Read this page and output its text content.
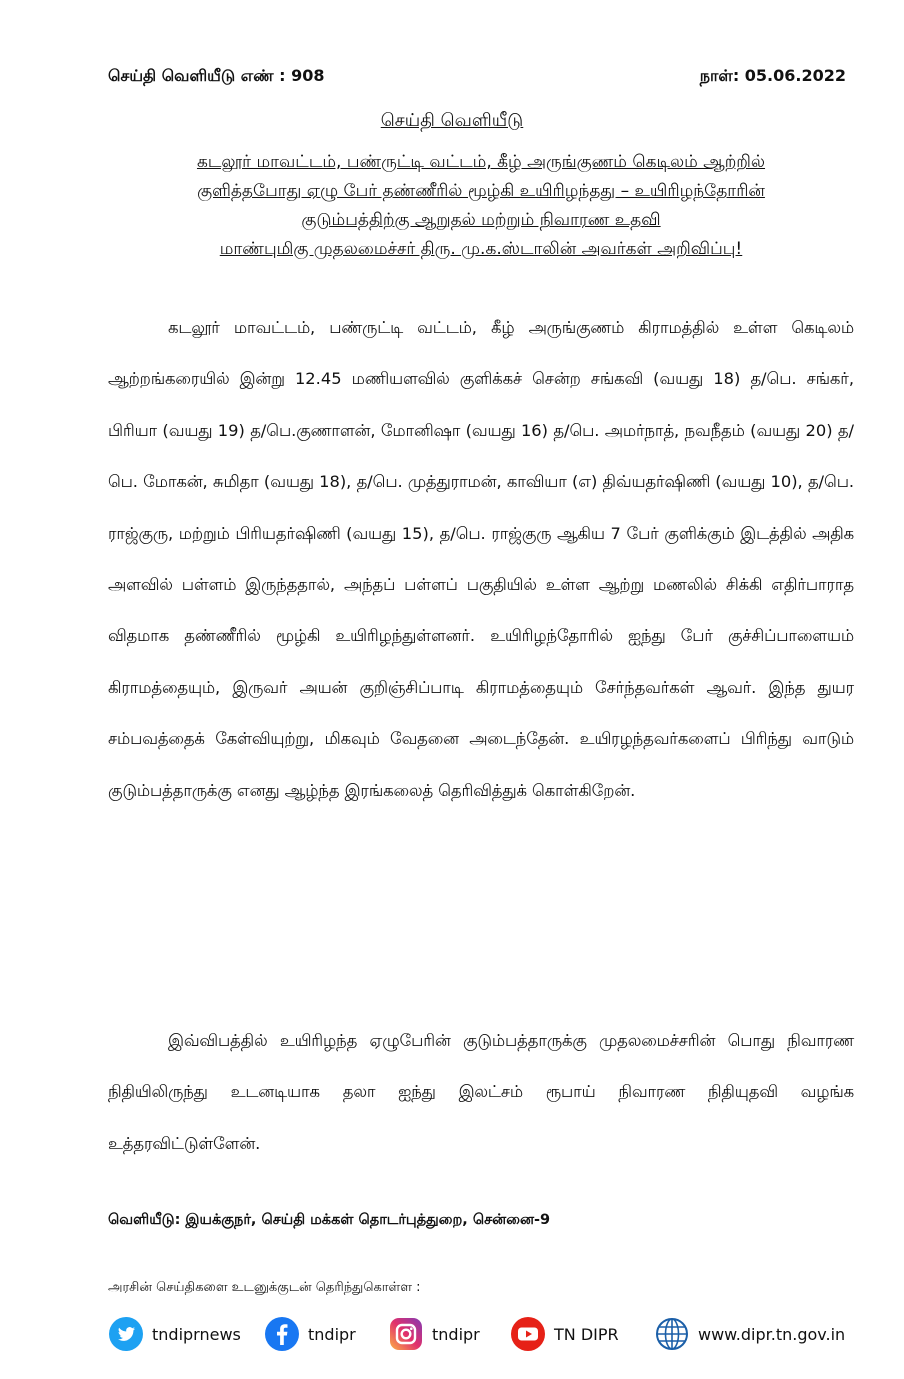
செய்தி வெளியீடு எண் : 908	நாள்: 05.06.2022
செய்தி வெளியீடு
கடலூர் மாவட்டம், பண்ருட்டி வட்டம், கீழ் அருங்குணம் கெடிலம் ஆற்றில்
குளித்தபோது ஏழு பேர் தண்ணீரில் மூழ்கி உயிரிழந்தது – உயிரிழந்தோரின்
குடும்பத்திற்கு ஆறுதல் மற்றும் நிவாரண உதவி
மாண்புமிகு முதலமைச்சர் திரு. மு.க.ஸ்டாலின் அவர்கள் அறிவிப்பு!
கடலூர் மாவட்டம், பண்ருட்டி வட்டம், கீழ் அருங்குணம் கிராமத்தில் உள்ள கெடிலம் ஆற்றங்கரையில் இன்று 12.45 மணியளவில் குளிக்கச் சென்ற சங்கவி (வயது 18) த/பெ. சங்கர், பிரியா (வயது 19) த/பெ.குணாளன், மோனிஷா (வயது 16) த/பெ. அமர்நாத், நவநீதம் (வயது 20) த/பெ. மோகன், சுமிதா (வயது 18), த/பெ. முத்துராமன், காவியா (எ) திவ்யதர்ஷிணி (வயது 10), த/பெ. ராஜ்குரு, மற்றும் பிரியதர்ஷிணி (வயது 15), த/பெ. ராஜ்குரு ஆகிய 7 பேர் குளிக்கும் இடத்தில் அதிக அளவில் பள்ளம் இருந்ததால், அந்தப் பள்ளப் பகுதியில் உள்ள ஆற்று மணலில் சிக்கி எதிர்பாராத விதமாக தண்ணீரில் மூழ்கி உயிரிழந்துள்ளனர். உயிரிழந்தோரில் ஐந்து பேர் குச்சிப்பாளையம் கிராமத்தையும், இருவர் அயன் குறிஞ்சிப்பாடி கிராமத்தையும் சேர்ந்தவர்கள் ஆவர். இந்த துயர சம்பவத்தைக் கேள்வியுற்று, மிகவும் வேதனை அடைந்தேன். உயிரழந்தவர்களைப் பிரிந்து வாடும் குடும்பத்தாருக்கு எனது ஆழ்ந்த இரங்கலைத் தெரிவித்துக் கொள்கிறேன்.
இவ்விபத்தில் உயிரிழந்த ஏழுபேரின் குடும்பத்தாருக்கு முதலமைச்சரின் பொது நிவாரண நிதியிலிருந்து உடனடியாக தலா ஐந்து இலட்சம் ரூபாய் நிவாரண நிதியுதவி வழங்க உத்தரவிட்டுள்ளேன்.
வெளியீடு: இயக்குநர், செய்தி மக்கள் தொடர்புத்துறை, சென்னை-9
அரசின் செய்திகளை உடனுக்குடன் தெரிந்துகொள்ள :
tndiprnews	tndipr	tndipr	TN DIPR	www.dipr.tn.gov.in
